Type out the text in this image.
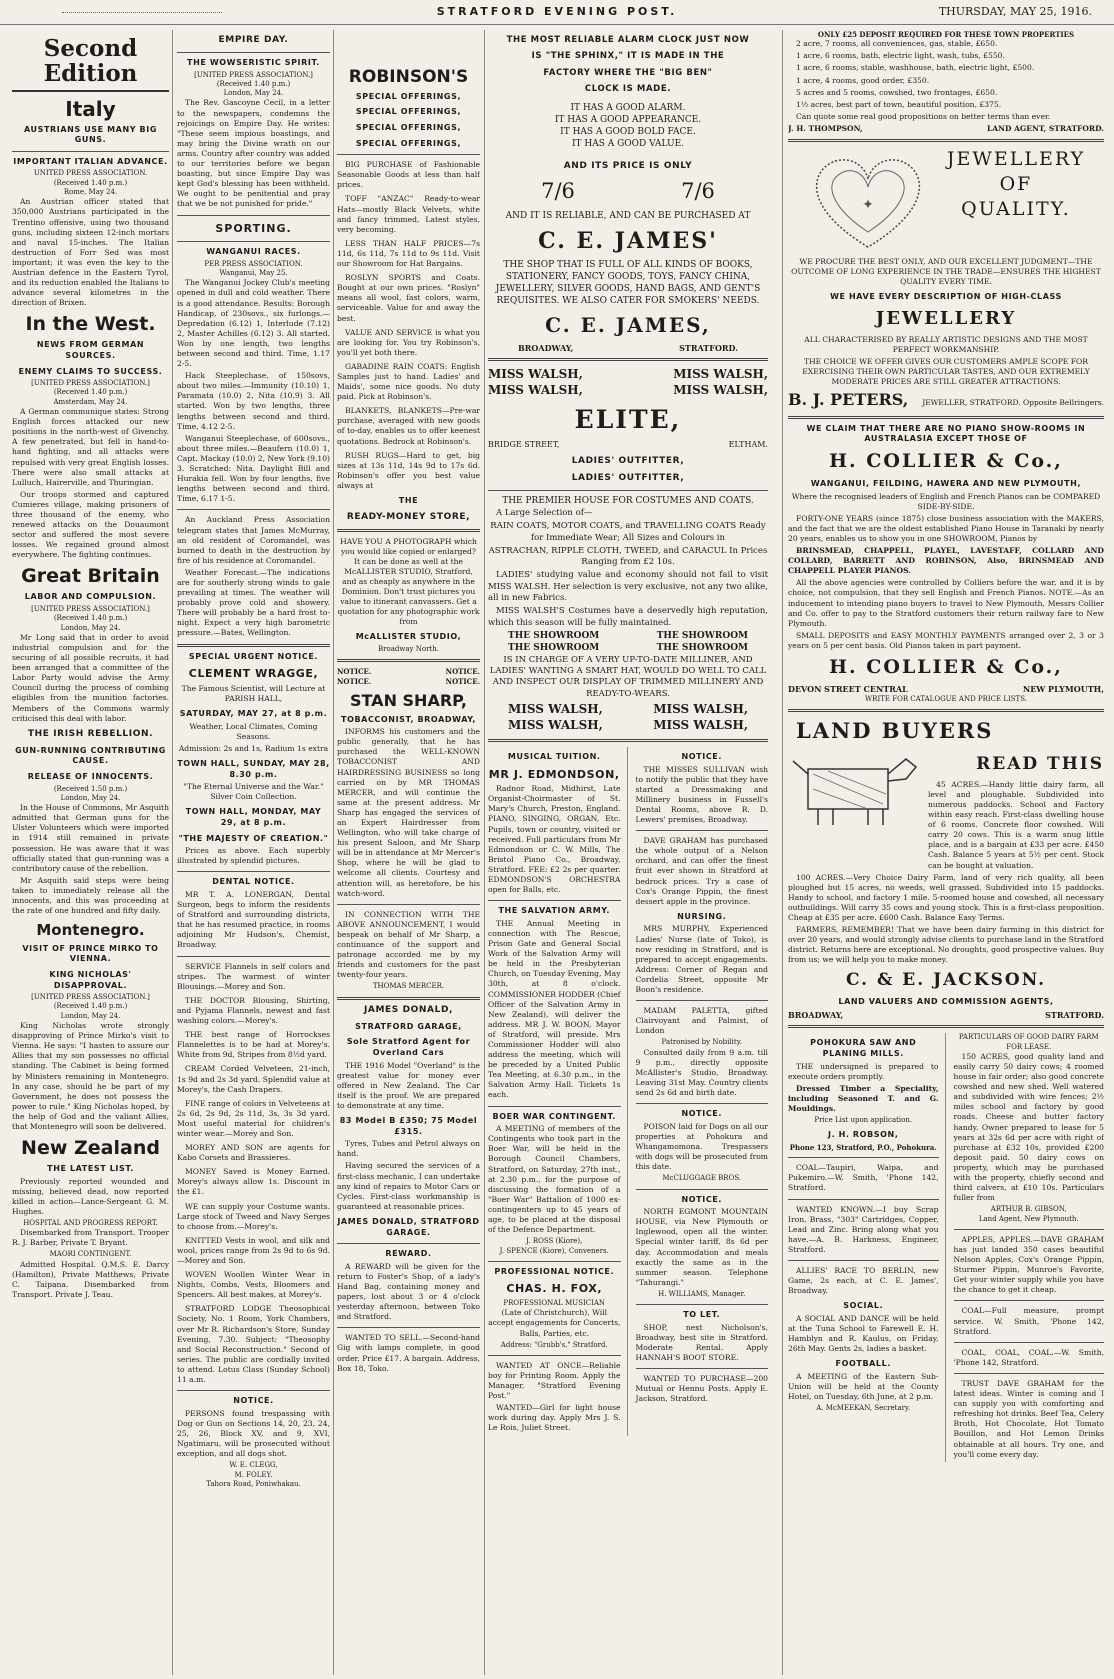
STRATFORD EVENING POST.	THURSDAY, MAY 25, 1916.
Second Edition
Italy
AUSTRIANS USE MANY BIG GUNS.
IMPORTANT ITALIAN ADVANCE.
UNITED PRESS ASSOCIATION.
(Received 1.40 p.m.)
Rome, May 24.

An Austrian officer stated that 350,000 Austrians participated in the Trentino offensive, using two thousand guns, including sixteen 12-inch mortars and naval 15-inches. The Italian destruction of Forr Sed was most important; it was even the key to the Austrian defence in the Eastern Tyrol, and its reduction enabled the Italians to advance several kilometres in the direction of Brixen.

In the West.
NEWS FROM GERMAN SOURCES.
ENEMY CLAIMS TO SUCCESS.
[UNITED PRESS ASSOCIATION.]
(Received 1.40 p.m.)
Amsterdam, May 24.

A German communique states: Strong English forces attacked our new positions in the north-west of Givenchy. A few penetrated, but fell in hand-to-hand fighting, and all attacks were repulsed with very great English losses. There were also small attacks at Lulluch, Hairerville, and Thuringian.

Our troops stormed and captured Cumieres village, making prisoners of three thousand of the enemy, who renewed attacks on the Douaumont sector and suffered the most severe losses. We regained ground almost everywhere. The fighting continues.

Great Britain
LABOR AND COMPULSION.
[UNITED PRESS ASSOCIATION.]
(Received 1.40 p.m.)
London, May 24.

Mr Long said that in order to avoid industrial compulsion and for the securing of all possible recruits, it had been arranged that a committee of the Labor Party would advise the Army Council during the process of combing eligibles from the munition factories. Members of the Commons warmly criticised this deal with labor.

THE IRISH REBELLION.
GUN-RUNNING CONTRIBUTING CAUSE.
RELEASE OF INNOCENTS.
(Received 1.50 p.m.)
London, May 24.

In the House of Commons, Mr Asquith admitted that German guns for the Ulster Volunteers which were imported in 1914 still remained in private possession. He was aware that it was officially stated that gun-running was a contributory cause of the rebellion.

Mr Asquith said steps were being taken to immediately release all the innocents, and this was proceeding at the rate of one hundred and fifty daily.

Montenegro.
VISIT OF PRINCE MIRKO TO VIENNA.
KING NICHOLAS' DISAPPROVAL.
[UNITED PRESS ASSOCIATION.]
(Received 1.40 p.m.)
London, May 24.

King Nicholas wrote strongly disapproving of Prince Mirko's visit to Vienna. He says: "I hasten to assure our Allies that my son possesses no official standing. The Cabinet is being formed by Ministers remaining in Montenegro. In any case, should he be part of my Government, he does not possess the power to rule." King Nicholas hoped, by the help of God and the valiant Allies, that Montenegro will soon be delivered.

New Zealand
THE LATEST LIST.

Previously reported wounded and missing, believed dead, now reported killed in action—Lance-Sergeant G. M. Hughes.

HOSPITAL AND PROGRESS REPORT.

Disembarked from Transport. Trooper R. J. Barber, Private T. Bryant.

MAORI CONTINGENT.

Admitted Hospital. Q.M.S. E. Darcy (Hamilton), Private Matthews, Private C. Taipana. Disembarked from Transport. Private J. Teau.

EMPIRE DAY.
THE WOWSERISTIC SPIRIT.
[UNITED PRESS ASSOCIATION.]
(Received 1.40 p.m.)
London, May 24.

The Rev. Gascoyne Cecil, in a letter to the newspapers, condemns the rejoicings on Empire Day. He writes: "These seem impious boastings, and may bring the Divine wrath on our arms. Country after country was added to our territories before we began boasting, but since Empire Day was kept God's blessing has been withheld. We ought to be penitential and pray that we be not punished for pride."

SPORTING.
WANGANUI RACES.
PER PRESS ASSOCIATION.
Wanganui, May 25.

The Wanganui Jockey Club's meeting opened in dull and cold weather. There is a good attendance. Results: Borough Handicap, of 230sovs., six furlongs.—Depredation (6.12) 1, Interlude (7.12) 2, Master Achilles (6.12) 3. All started. Won by one length, two lengths between second and third. Time, 1.17 2-5.

Hack Steeplechase, of 150sovs, about two miles.—Immunity (10.10) 1, Paramata (10.0) 2, Nita (10.9) 3. All started. Won by two lengths, three lengths between second and third. Time, 4.12 2-5.

Wanganui Steeplechase, of 600sovs., about three miles.—Beaufern (10.0) 1, Capt. Mackay (10.0) 2, New York (9.10) 3. Scratched: Nita. Daylight Bill and Hurakia fell. Won by four lengths, five lengths between second and third. Time, 6.17 1-5.

An Auckland Press Association telegram states that James McMurray, an old resident of Coromandel, was burned to death in the destruction by fire of his residence at Coromandel.

Weather Forecast.—The indications are for southerly strong winds to gale prevailing at times. The weather will probably prove cold and showery. There will probably be a hard frost to-night. Expect a very high barometric pressure.—Bates, Wellington.

SPECIAL URGENT NOTICE.
CLEMENT WRAGGE,

The Famous Scientist, will Lecture at PARISH HALL,

SATURDAY, MAY 27, at 8 p.m.

Weather, Local Climates, Coming Seasons.

Admission: 2s and 1s, Radium 1s extra

TOWN HALL, SUNDAY, MAY 28, 8.30 p.m.

"The Eternal Universe and the War." Silver Coin Collection.

TOWN HALL, MONDAY, MAY 29, at 8 p.m.
"THE MAJESTY OF CREATION."

Prices as above. Each superbly illustrated by splendid pictures.

DENTAL NOTICE.

MR T. A. LONERGAN, Dental Surgeon, begs to inform the residents of Stratford and surrounding districts, that he has resumed practice, in rooms adjoining Mr Hudson's, Chemist, Broadway.

SERVICE Flannels in self colors and stripes. The warmest of winter Blousings.—Morey and Son.

THE DOCTOR Blousing, Shirting, and Pyjama Flannels, newest and fast washing colors.—Morey's.

THE best range of Horrockses Flannelettes is to be had at Morey's. White from 9d, Stripes from 8½d yard.

CREAM Corded Velveteen, 21-inch, 1s 9d and 2s 3d yard. Splendid value at Morey's, the Cash Drapers.

FINE range of colors in Velveteens at 2s 6d, 2s 9d, 2s 11d, 3s, 3s 3d yard. Most useful material for children's winter wear.—Morey and Son.

MOREY AND SON are agents for Kabo Corsets and Brassieres.

MONEY Saved is Money Earned. Morey's always allow 1s. Discount in the £1.

WE can supply your Costume wants. Large stock of Tweed and Navy Serges to choose from.—Morey's.

KNITTED Vests in wool, and silk and wool, prices range from 2s 9d to 6s 9d.—Morey and Son.

WOVEN Woollen Winter Wear in Nights, Combs, Vests, Bloomers and Spencers. All best makes, at Morey's.

STRATFORD LODGE Theosophical Society, No. 1 Room, York Chambers, over Mr R. Richardson's Store, Sunday Evening, 7.30. Subject: "Theosophy and Social Reconstruction." Second of series. The public are cordially invited to attend. Lotus Class (Sunday School) 11 a.m.

NOTICE.

PERSONS found trespassing with Dog or Gun on Sections 14, 20, 23, 24, 25, 26, Block XV, and 9, XVI, Ngatimaru, will be prosecuted without exception, and all dogs shot.

W. E. CLEGG,
M. FOLEY.
Tahora Road, Poniwhakau.
ROBINSON'S
SPECIAL OFFERINGS,
SPECIAL OFFERINGS,
SPECIAL OFFERINGS,
SPECIAL OFFERINGS,

BIG PURCHASE of Fashionable Seasonable Goods at less than half prices.

TOFF "ANZAC" Ready-to-wear Hats—mostly Black Velvets, white and fancy trimmed, Latest styles, very becoming.

LESS THAN HALF PRICES—7s 11d, 6s 11d, 7s 11d to 9s 11d. Visit our Showroom for Hat Bargains.

ROSLYN SPORTS and Coats. Bought at our own prices. "Roslyn" means all wool, fast colors, warm, serviceable. Value for and away the best.

VALUE AND SERVICE is what you are looking for. You try Robinson's, you'll yet both there.

GABADINE RAIN COATS: English Samples just to hand. Ladies' and Maids', some nice goods. No duty paid. Pick at Robinson's.

BLANKETS, BLANKETS—Pre-war purchase, averaged with new goods of to-day, enables us to offer keenest quotations. Bedrock at Robinson's.

RUSH RUGS—Hard to get, big sizes at 13s 11d, 14s 9d to 17s 6d. Robinson's offer you best value always at

THE
READY-MONEY STORE,

HAVE YOU A PHOTOGRAPH which you would like copied or enlarged? It can be done as well at the McALLISTER STUDIO, Stratford, and as cheaply as anywhere in the Dominion. Don't trust pictures you value to itinerant canvassers. Get a quotation for any photographic work from

McALLISTER STUDIO,
Broadway North.
NOTICE.	NOTICE.
NOTICE.	NOTICE.
STAN SHARP,
TOBACCONIST, BROADWAY,

INFORMS his customers and the public generally, that he has purchased the WELL-KNOWN TOBACCONIST AND HAIRDRESSING BUSINESS so long carried on by MR THOMAS MERCER, and will continue the same at the present address. Mr Sharp has engaged the services of an Expert Hairdresser from Wellington, who will take charge of his present Saloon, and Mr Sharp will be in attendance at Mr Mercer's Shop, where he will be glad to welcome all clients. Courtesy and attention will, as heretofore, be his watch-word.

IN CONNECTION WITH THE ABOVE ANNOUNCEMENT, I would bespeak on behalf of Mr Sharp, a continuance of the support and patronage accorded me by my friends and customers for the past twenty-four years.

THOMAS MERCER.
JAMES DONALD,
STRATFORD GARAGE,
Sole Stratford Agent for Overland Cars

THE 1916 Model "Overland" is the greatest value for money ever offered in New Zealand. The Car itself is the proof. We are prepared to demonstrate at any time.

83 Model B £350; 75 Model £315.

Tyres, Tubes and Petrol always on hand.

Having secured the services of a first-class mechanic, I can undertake any kind of repairs to Motor Cars or Cycles. First-class workmanship is guaranteed at reasonable prices.

JAMES DONALD, STRATFORD GARAGE.
REWARD.

A REWARD will be given for the return to Foster's Shop, of a lady's Hand Bag, containing money and papers, lost about 3 or 4 o'clock yesterday afternoon, between Toko and Stratford.

WANTED TO SELL.—Second-hand Gig with lamps complete, in good order. Price £17. A bargain. Address, Box 18, Toko.

THE MOST RELIABLE ALARM CLOCK JUST NOW
IS "THE SPHINX," IT IS MADE IN THE
FACTORY WHERE THE "BIG BEN"
CLOCK IS MADE.
IT HAS A GOOD ALARM.
IT HAS A GOOD APPEARANCE.
IT HAS A GOOD BOLD FACE.
IT HAS A GOOD VALUE.
AND ITS PRICE IS ONLY
7/6	7/6
AND IT IS RELIABLE, AND CAN BE PURCHASED AT
C. E. JAMES'

THE SHOP THAT IS FULL OF ALL KINDS OF BOOKS, STATIONERY, FANCY GOODS, TOYS, FANCY CHINA, JEWELLERY, SILVER GOODS, HAND BAGS, AND GENT'S REQUISITES. WE ALSO CATER FOR SMOKERS' NEEDS.

C. E. JAMES,
BROADWAY,	STRATFORD.
MISS WALSH,	MISS WALSH,
MISS WALSH,	MISS WALSH,
ELITE,
BRIDGE STREET,	ELTHAM.
LADIES' OUTFITTER,
LADIES' OUTFITTER,
THE PREMIER HOUSE FOR COSTUMES AND COATS.

A Large Selection of—

RAIN COATS, MOTOR COATS, and TRAVELLING COATS Ready for Immediate Wear; All Sizes and Colours in

ASTRACHAN, RIPPLE CLOTH, TWEED, and CARACUL In Prices Ranging from £2 10s.

LADIES' studying value and economy should not fail to visit MISS WALSH. Her selection is very exclusive, not any two alike, all in new Fabrics.

MISS WALSH'S Costumes have a deservedly high reputation, which this season will be fully maintained.

THE SHOWROOM	THE SHOWROOM
THE SHOWROOM	THE SHOWROOM

IS IN CHARGE OF A VERY UP-TO-DATE MILLINER, AND LADIES' WANTING A SMART HAT, WOULD DO WELL TO CALL AND INSPECT OUR DISPLAY OF TRIMMED MILLINERY AND READY-TO-WEARS.

MISS WALSH,	MISS WALSH,
MISS WALSH,	MISS WALSH,
MUSICAL TUITION.
MR J. EDMONDSON,

Radnor Road, Midhirst, Late Organist-Choirmaster of St. Mary's Church, Preston, England. PIANO, SINGING, ORGAN, Etc. Pupils, town or country, visited or received. Full particulars from Mr Edmondson or C. W. Mills, The Bristol Piano Co., Broadway, Stratford. FEE: £2 2s per quarter. EDMONDSON'S ORCHESTRA open for Balls, etc.

THE SALVATION ARMY.

THE Annual Meeting in connection with The Rescue, Prison Gate and General Social Work of the Salvation Army will be held in the Presbyterian Church, on Tuesday Evening, May 30th, at 8 o'clock. COMMISSIONER HODDER (Chief Officer of the Salvation Army in New Zealand), will deliver the address. MR J. W. BOON, Mayor of Stratford, will preside. Mrs Commissioner Hodder will also address the meeting, which will be preceded by a United Public Tea Meeting, at 6.30 p.m., in the Salvation Army Hall. Tickets 1s each.

BOER WAR CONTINGENT.

A MEETING of members of the Contingents who took part in the Boer War, will be held in the Borough Council Chambers, Stratford, on Saturday, 27th inst., at 2.30 p.m., for the purpose of discussing the formation of a "Boer War" Battalion of 1000 ex-contingenters up to 45 years of age, to be placed at the disposal of the Defence Department.

J. ROSS (Kiore),
J. SPENCE (Kiore), Conveners.
PROFESSIONAL NOTICE.
CHAS. H. FOX,
PROFESSIONAL MUSICIAN

(Late of Christchurch), Will accept engagements for Concerts, Balls, Parties, etc.

Address: "Grubb's," Stratford.

WANTED AT ONCE—Reliable boy for Printing Room. Apply the Manager, "Stratford Evening Post."

WANTED—Girl for light house work during day. Apply Mrs J. S. Le Rois, Juliet Street.

NOTICE.

THE MISSES SULLIVAN wish to notify the public that they have started a Dressmaking and Millinery business in Fussell's Dental Rooms, above R. D. Lewers' premises, Broadway.

DAVE GRAHAM has purchased the whole output of a Nelson orchard, and can offer the finest fruit ever shown in Stratford at bedrock prices. Try a case of Cox's Orange Pippin, the finest dessert apple in the province.

NURSING.

MRS MURPHY, Experienced Ladies' Nurse (late of Toko), is now residing in Stratford, and is prepared to accept engagements. Address: Corner of Regan and Cordelia Street, opposite Mr Boon's residence.

MADAM PALETTA, gifted Clairvoyant and Palmist, of London

Patronised by Nobility.

Consulted daily from 9 a.m. till 9 p.m., directly opposite McAllister's Studio, Broadway. Leaving 31st May. Country clients send 2s 6d and birth date.

NOTICE.

POISON laid for Dogs on all our properties at Pohokura and Whangamomona. Trespassers with dogs will be prosecuted from this date.

McCLUGGAGE BROS.
NOTICE.

NORTH EGMONT MOUNTAIN HOUSE, via New Plymouth or Inglewood, open all the winter. Special winter tariff, 8s 6d per day. Accommodation and meals exactly the same as in the summer season. Telephone "Tahurangi."

H. WILLIAMS, Manager.
TO LET.

SHOP, next Nicholson's, Broadway, best site in Stratford. Moderate Rental. Apply HANNAH'S BOOT STORE.

WANTED TO PURCHASE—200 Mutual or Hennu Posts. Apply E. Jackson, Stratford.

ONLY £25 DEPOSIT REQUIRED FOR THESE TOWN PROPERTIES

2 acre, 7 rooms, all conveniences, gas, stable, £650.

1 acre, 6 rooms, bath, electric light, wash, tubs, £550.

1 acre, 6 rooms, stable, washhouse, bath, electric light, £500.

1 acre, 4 rooms, good order, £350.

5 acres and 5 rooms, cowshed, two frontages, £650.

1½ acres, best part of town, beautiful position, £375.

Can quote some real good propositions on better terms than ever.

J. H. THOMPSON,	LAND AGENT, STRATFORD.
✦
JEWELLERY
OF
QUALITY.

WE PROCURE THE BEST ONLY, AND OUR EXCELLENT JUDGMENT—THE OUTCOME OF LONG EXPERIENCE IN THE TRADE—ENSURES THE HIGHEST QUALITY EVERY TIME.

WE HAVE EVERY DESCRIPTION OF HIGH-CLASS
JEWELLERY

ALL CHARACTERISED BY REALLY ARTISTIC DESIGNS AND THE MOST PERFECT WORKMANSHIP.

THE CHOICE WE OFFER GIVES OUR CUSTOMERS AMPLE SCOPE FOR EXERCISING THEIR OWN PARTICULAR TASTES, AND OUR EXTREMELY MODERATE PRICES ARE STILL GREATER ATTRACTIONS.

B. J. PETERS, JEWELLER, STRATFORD. Opposite Bellringers.
WE CLAIM THAT THERE ARE NO PIANO SHOW-ROOMS IN AUSTRALASIA EXCEPT THOSE OF
H. COLLIER & Co.,
WANGANUI, FEILDING, HAWERA AND NEW PLYMOUTH,

Where the recognised leaders of English and French Pianos can be COMPARED SIDE-BY-SIDE.

FORTY-ONE YEARS (since 1875) close business association with the MAKERS, and the fact that we are the oldest established Piano House in Taranaki by nearly 20 years, enables us to show you in one SHOWROOM, Pianos by

BRINSMEAD, CHAPPELL, PLAYEL, LAVESTAFF, COLLARD AND COLLARD, BARRETT AND ROBINSON, Also, BRINSMEAD AND CHAPPELL PLAYER PIANOS.

All the above agencies were controlled by Colliers before the war, and it is by choice, not compulsion, that they sell English and French Pianos. NOTE.—As an inducement to intending piano buyers to travel to New Plymouth, Messrs Collier and Co. offer to pay to the Stratford customers their return railway fare to New Plymouth.

SMALL DEPOSITS and EASY MONTHLY PAYMENTS arranged over 2, 3 or 3 years on 5 per cent basis. Old Pianos taken in part payment.

H. COLLIER & Co.,
DEVON STREET CENTRAL	NEW PLYMOUTH,
WRITE FOR CATALOGUE AND PRICE LISTS.
LAND BUYERS
READ THIS

45 ACRES.—Handy little dairy farm, all level and ploughable. Subdivided into numerous paddocks. School and Factory within easy reach. First-class dwelling house of 6 rooms. Concrete floor cowshed. Will carry 20 cows. This is a warm snug little place, and is a bargain at £33 per acre. £450 Cash. Balance 5 years at 5½ per cent. Stock can be bought at valuation.

100 ACRES.—Very Choice Dairy Farm, land of very rich quality, all been ploughed but 15 acres, no weeds, well grassed. Subdivided into 15 paddocks. Handy to school, and factory 1 mile. 5-roomed house and cowshed, all necessary outbuildings. Will carry 35 cows and young stock. This is a first-class proposition. Cheap at £35 per acre. £600 Cash. Balance Easy Terms.

FARMERS, REMEMBER! That we have been dairy farming in this district for over 20 years, and would strongly advise clients to purchase land in the Stratford district. Returns here are exceptional. No droughts, good prospective values. Buy from us; we will help you to make money.

C. & E. JACKSON.
LAND VALUERS AND COMMISSION AGENTS,
BROADWAY,	STRATFORD.
POHOKURA SAW AND PLANING MILLS.

THE undersigned is prepared to execute orders promptly.

Dressed Timber a Speciality, including Seasoned T. and G. Mouldings.

Price List upon application.
J. H. ROBSON,
Phone 123, Stratford, P.O., Pohokura.

COAL—Taupiri, Waipa, and Pukemiro.—W. Smith, 'Phone 142, Stratford.

WANTED KNOWN.—I buy Scrap Iron, Brass, "303" Cartridges, Copper, Lead and Zinc. Bring along what you have.—A. B. Harkness, Engineer, Stratford.

ALLIES' RACE TO BERLIN, new Game, 2s each, at C. E. James', Broadway.

SOCIAL.

A SOCIAL AND DANCE will be held at the Tuna School to Farewell E. H. Hamblyn and R. Kaulus, on Friday, 26th May. Gents 2s, ladies a basket.

FOOTBALL.

A MEETING of the Eastern Sub-Union will be held at the County Hotel, on Tuesday, 6th June, at 2 p.m.

A. McMEEKAN, Secretary.
PARTICULARS OF GOOD DAIRY FARM FOR LEASE.

150 ACRES, good quality land and easily carry 50 dairy cows; 4 roomed house in fair order; also good concrete cowshed and new shed. Well watered and subdivided with wire fences; 2½ miles school and factory by good roads. Cheese and butter factory handy. Owner prepared to lease for 5 years at 32s 6d per acre with right of purchase at £32 10s, provided £200 deposit paid. 50 dairy cows on property, which may be purchased with the property, chiefly second and third calvers, at £10 10s. Particulars fuller from

ARTHUR B. GIBSON,
Land Agent, New Plymouth.

APPLES, APPLES.—DAVE GRAHAM has just landed 350 cases beautiful Nelson Apples, Cox's Orange Pippin, Sturmer Pippin, Munroe's Favorite, Get your winter supply while you have the chance to get it cheap.

COAL—Full measure, prompt service. W. Smith, 'Phone 142, Stratford.

COAL, COAL, COAL.—W. Smith, 'Phone 142, Stratford.

TRUST DAVE GRAHAM for the latest ideas. Winter is coming and I can supply you with comforting and refreshing hot drinks. Beef Tea, Celery Broth, Hot Chocolate, Hot Tomato Bouillon, and Hot Lemon Drinks obtainable at all hours. Try one, and you'll come every day.
